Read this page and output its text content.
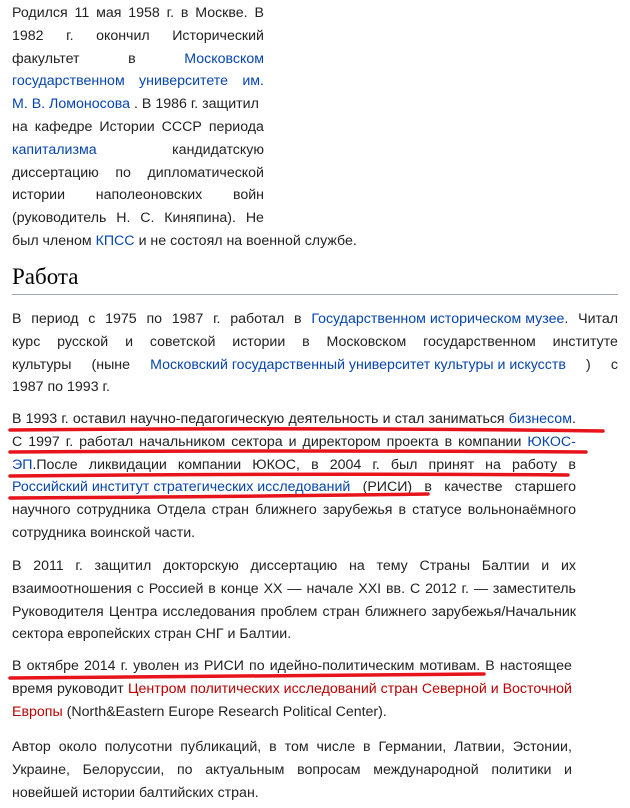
Родился 11 мая 1958 г. в Москве. В
1982 г. окончил Исторический
факультет	в	Московском
государственном университете им.
М. В. Ломоносова . В 1986 г. защитил
на кафедре Истории СССР периода
капитализма	кандидатскую
диссертацию по дипломатической
истории наполеоновских войн
(руководитель Н. С. Киняпина). Не
был членом КПСС и не состоял на военной службе.
Работа
В период с 1975 по 1987 г. работал в Государственном историческом музее. Читал
курс русской и советской истории в Московском государственном институте
культуры (ныне Московский государственный университет культуры и искусств ) с
1987 по 1993 г.
В 1993 г. оставил научно-педагогическую деятельность и стал заниматься бизнесом.
С 1997 г. работал начальником сектора и директором проекта в компании ЮКОС-
ЭП.После ликвидации компании ЮКОС, в 2004 г. был принят на работу в
Российский институт стратегических исследований (РИСИ) в качестве старшего
научного сотрудника Отдела стран ближнего зарубежья в статусе вольнонаёмного
сотрудника воинской части.
В 2011 г. защитил докторскую диссертацию на тему Страны Балтии и их
взаимоотношения с Россией в конце XX — начале XXI вв. С 2012 г. — заместитель
Руководителя Центра исследования проблем стран ближнего зарубежья/Начальник
сектора европейских стран СНГ и Балтии.
В октябре 2014 г. уволен из РИСИ по идейно-политическим мотивам. В настоящее
время руководит Центром политических исследований стран Северной и Восточной
Европы (North&Eastern Europe Research Political Center).
Автор около полусотни публикаций, в том числе в Германии, Латвии, Эстонии,
Украине, Белоруссии, по актуальным вопросам международной политики и
новейшей истории балтийских стран.
